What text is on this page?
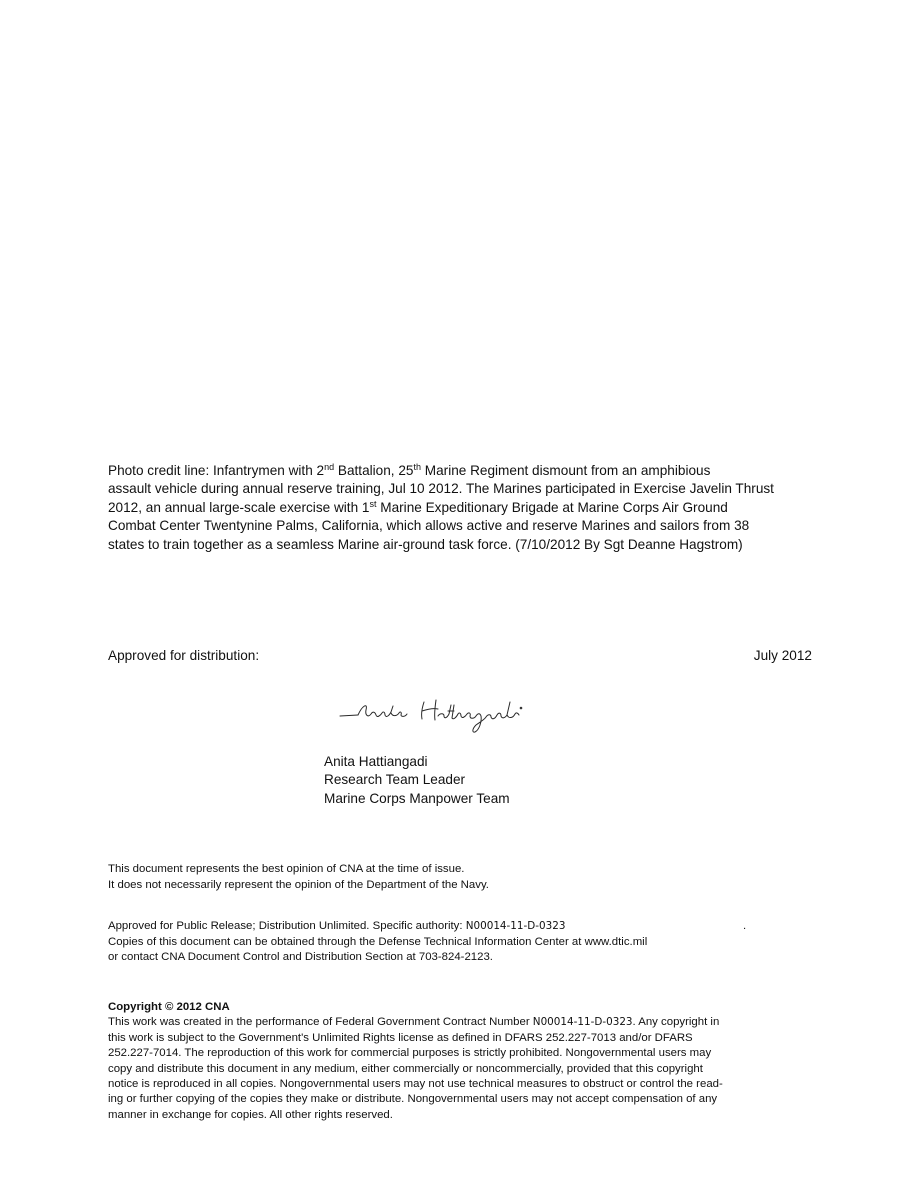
Photo credit line: Infantrymen with 2nd Battalion, 25th Marine Regiment dismount from an amphibious
assault vehicle during annual reserve training, Jul 10 2012. The Marines participated in Exercise Javelin Thrust
2012, an annual large-scale exercise with 1st Marine Expeditionary Brigade at Marine Corps Air Ground
Combat Center Twentynine Palms, California, which allows active and reserve Marines and sailors from 38
states to train together as a seamless Marine air-ground task force. (7/10/2012 By Sgt Deanne Hagstrom)
Approved for distribution:	July 2012
Anita Hattiangadi
Research Team Leader
Marine Corps Manpower Team
This document represents the best opinion of CNA at the time of issue.
It does not necessarily represent the opinion of the Department of the Navy.
Approved for Public Release; Distribution Unlimited. Specific authority: N00014-11-D-0323	.
Copies of this document can be obtained through the Defense Technical Information Center at www.dtic.mil
or contact CNA Document Control and Distribution Section at 703-824-2123.
Copyright © 2012 CNA
This work was created in the performance of Federal Government Contract Number N00014-11-D-0323. Any copyright in
this work is subject to the Government's Unlimited Rights license as defined in DFARS 252.227-7013 and/or DFARS
252.227-7014. The reproduction of this work for commercial purposes is strictly prohibited. Nongovernmental users may
copy and distribute this document in any medium, either commercially or noncommercially, provided that this copyright
notice is reproduced in all copies. Nongovernmental users may not use technical measures to obstruct or control the read-
ing or further copying of the copies they make or distribute. Nongovernmental users may not accept compensation of any
manner in exchange for copies. All other rights reserved.
